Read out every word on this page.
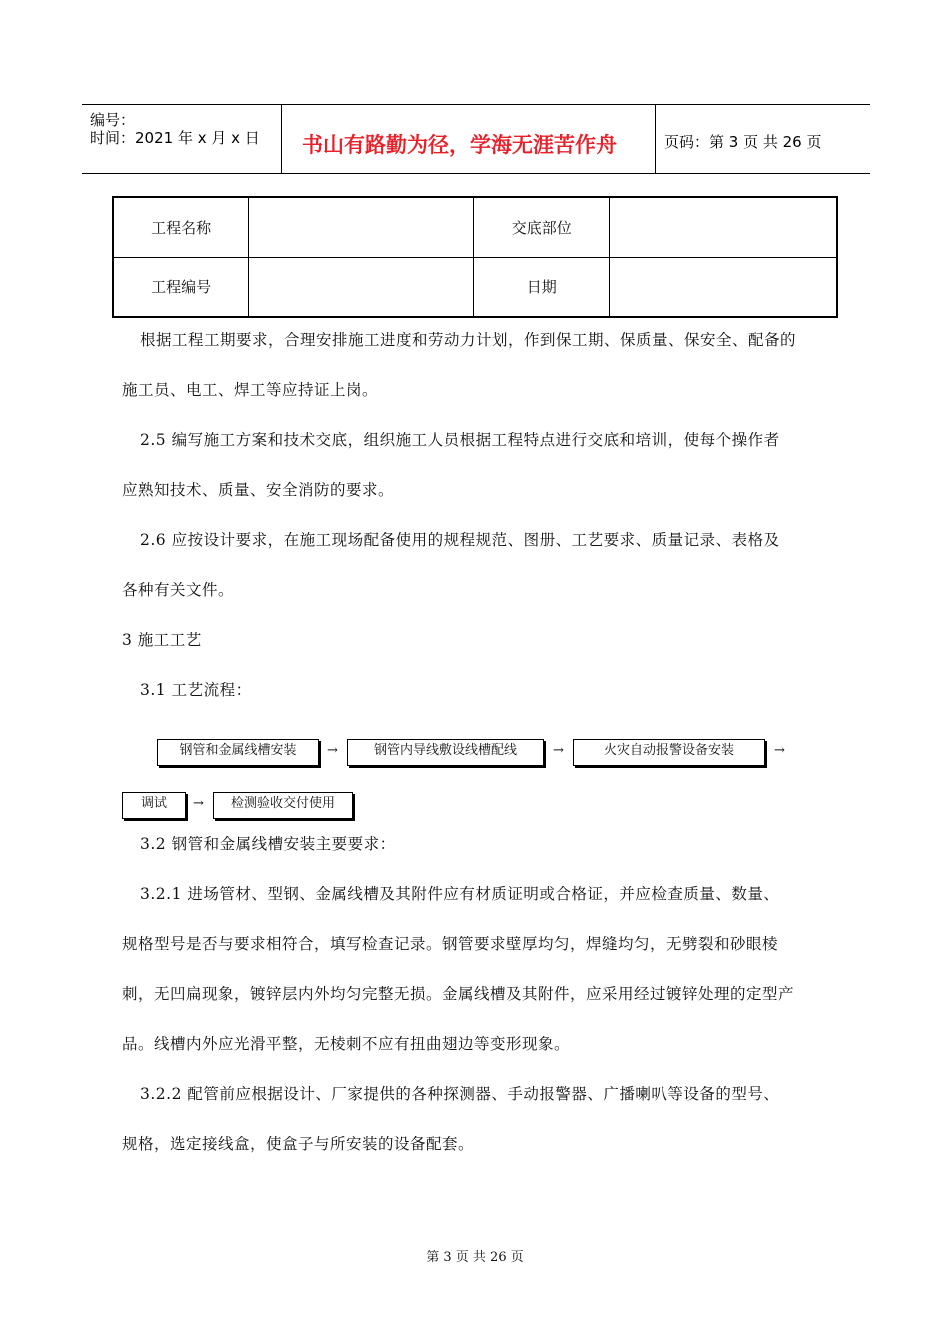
编号：
时间：2021 年 x 月 x 日 书山有路勤为径，学海无涯苦作舟	页码：第 3 页 共 26 页
工程名称		交底部位	
工程编号		日期	
根据工程工期要求，合理安排施工进度和劳动力计划，作到保工期、保质量、保安全、配备的
施工员、电工、焊工等应持证上岗。
2.5 编写施工方案和技术交底，组织施工人员根据工程特点进行交底和培训，使每个操作者
应熟知技术、质量、安全消防的要求。
2.6 应按设计要求，在施工现场配备使用的规程规范、图册、工艺要求、质量记录、表格及
各种有关文件。
3 施工工艺
3.1 工艺流程：
钢管和金属线槽安装	→	钢管内导线敷设线槽配线	→	火灾自动报警设备安装	→
调试	→	检测验收交付使用
3.2 钢管和金属线槽安装主要要求：
3.2.1 进场管材、型钢、金属线槽及其附件应有材质证明或合格证，并应检查质量、数量、
规格型号是否与要求相符合，填写检查记录。钢管要求壁厚均匀，焊缝均匀，无劈裂和砂眼棱
刺，无凹扁现象，镀锌层内外均匀完整无损。金属线槽及其附件，应采用经过镀锌处理的定型产
品。线槽内外应光滑平整，无棱刺不应有扭曲翅边等变形现象。
3.2.2 配管前应根据设计、厂家提供的各种探测器、手动报警器、广播喇叭等设备的型号、
规格，选定接线盒，使盒子与所安装的设备配套。
第 3 页 共 26 页
